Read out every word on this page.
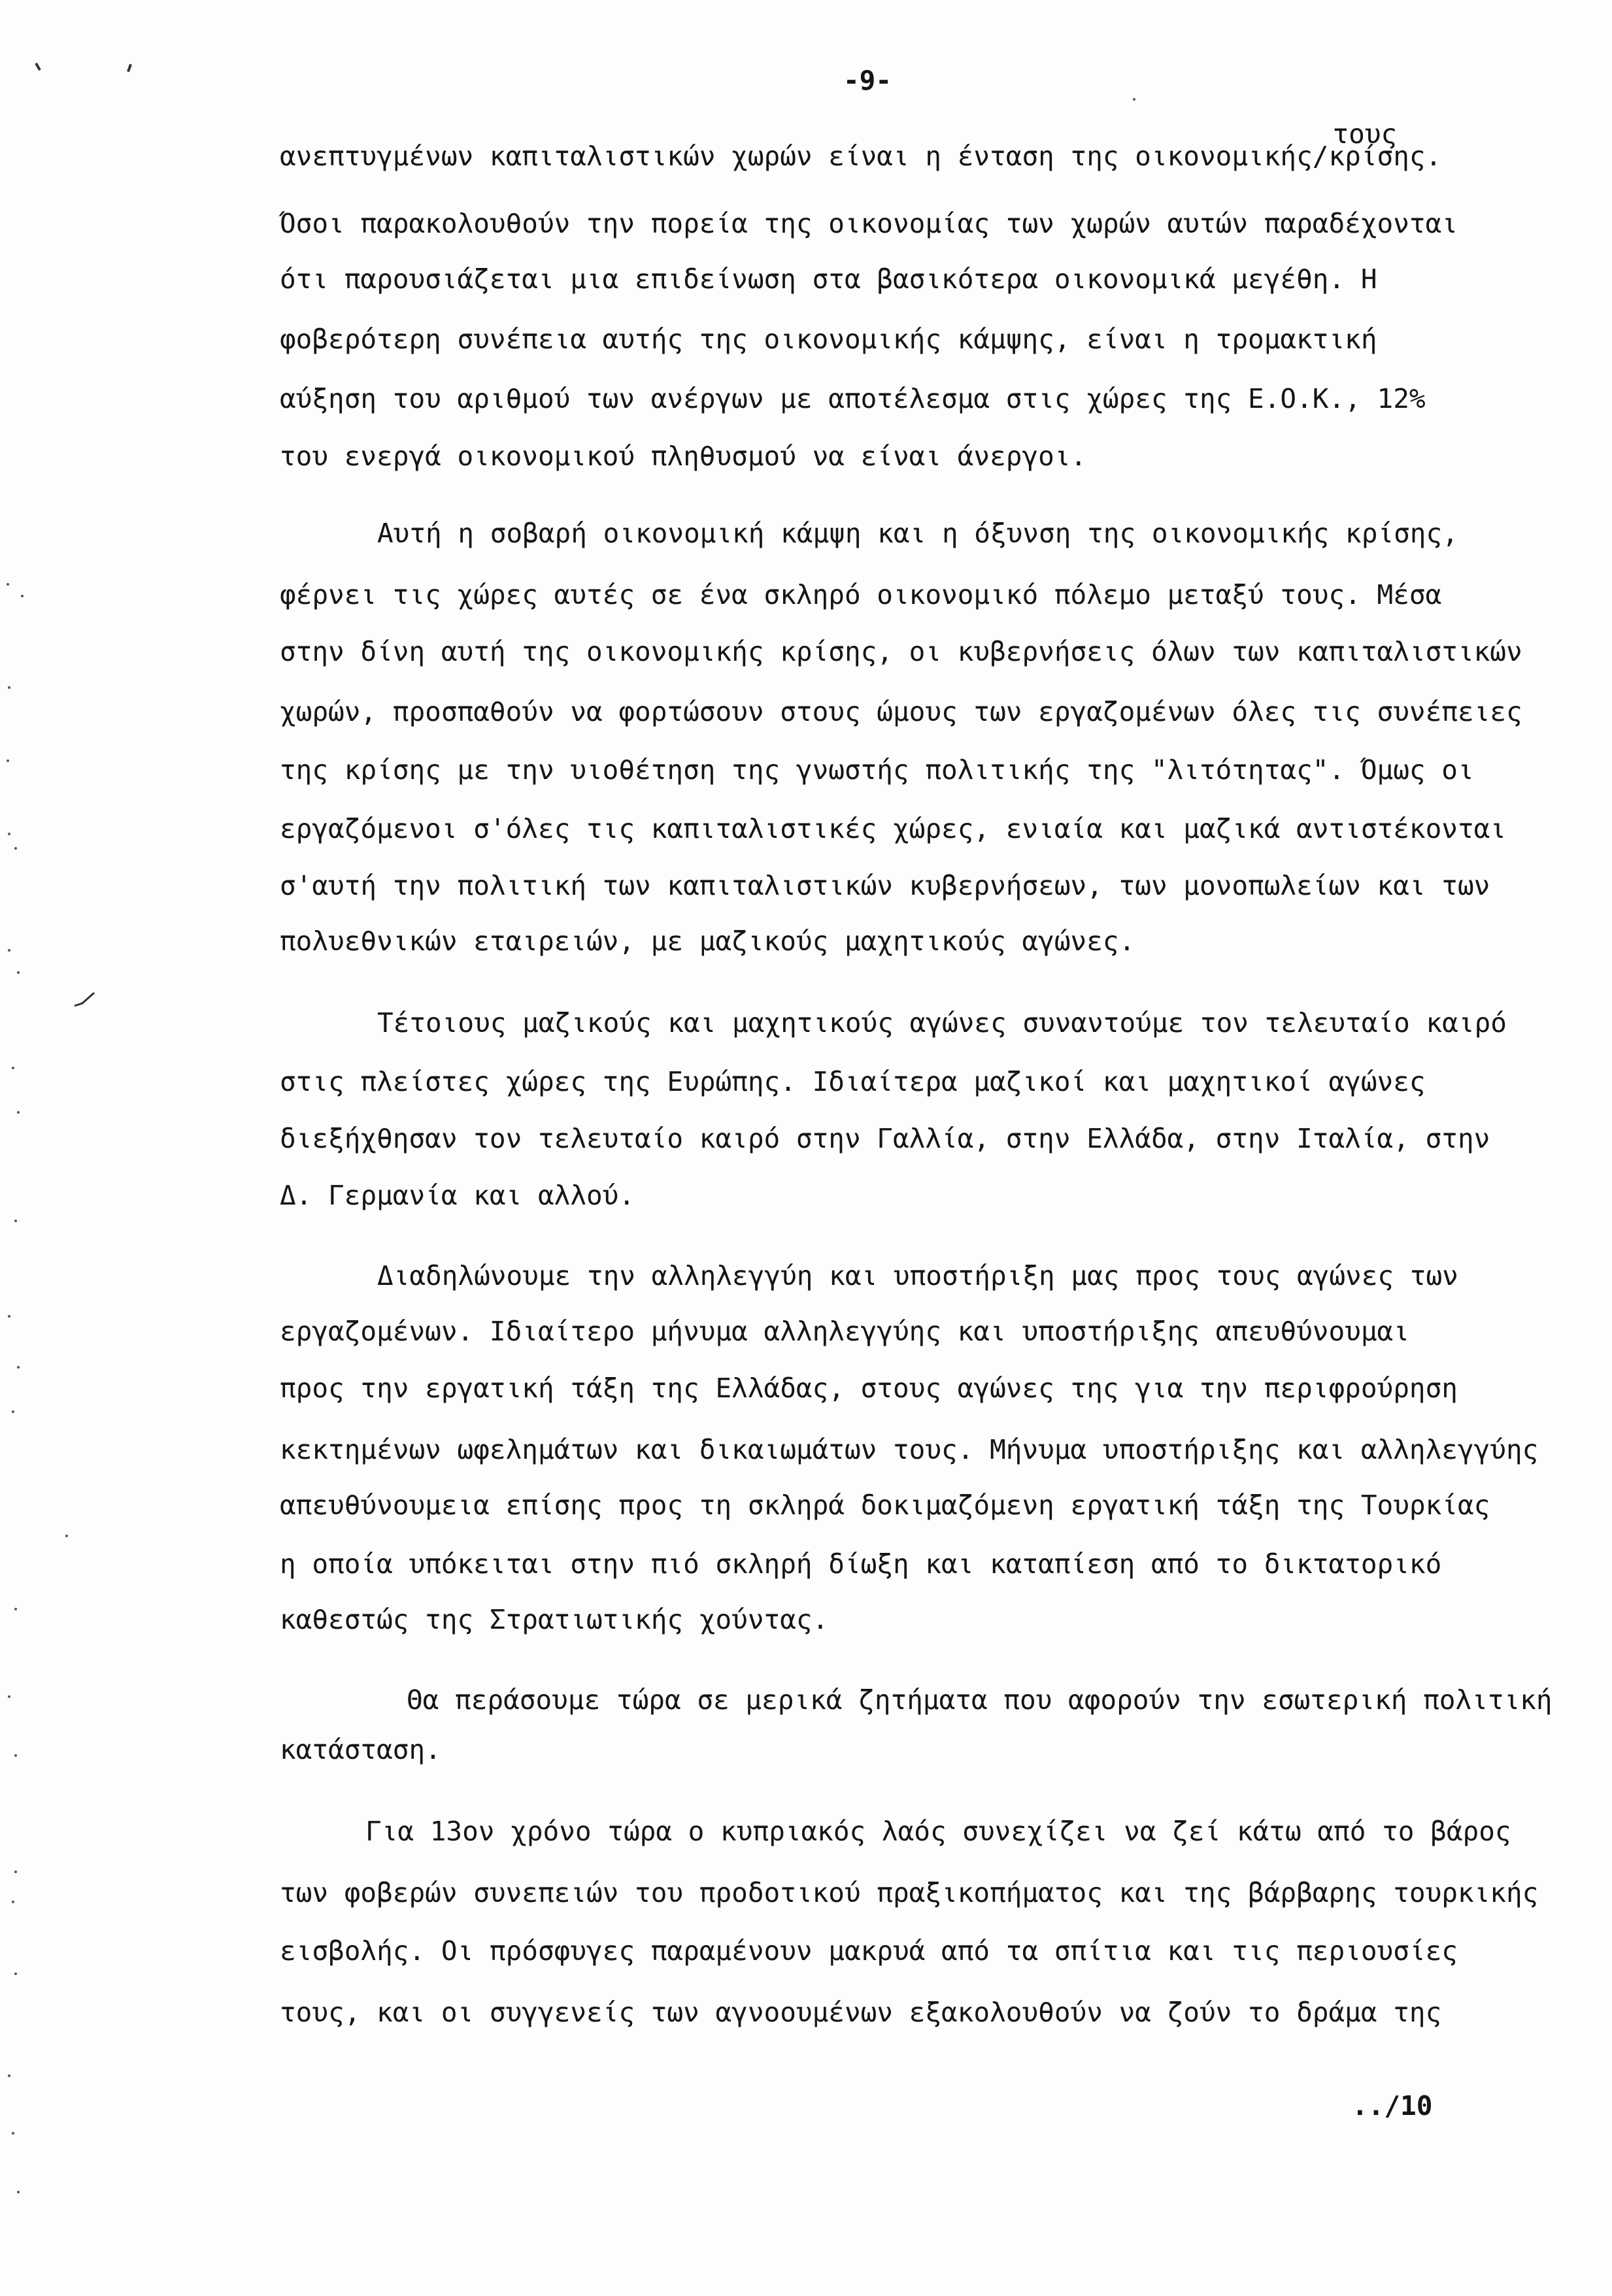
-9-
ανεπτυγμένων καπιταλιστικών χωρών είναι η ένταση της οικονομικής/
τους
κρίσης.
Όσοι παρακολουθούν την πορεία της οικονομίας των χωρών αυτών παραδέχονται
ότι παρουσιάζεται μια επιδείνωση στα βασικότερα οικονομικά μεγέθη. Η
φοβερότερη συνέπεια αυτής της οικονομικής κάμψης, είναι η τρομακτική
αύξηση του αριθμού των ανέργων με αποτέλεσμα στις χώρες της Ε.Ο.Κ., 12%
του ενεργά οικονομικού πληθυσμού να είναι άνεργοι.
Αυτή η σοβαρή οικονομική κάμψη και η όξυνση της οικονομικής κρίσης,
φέρνει τις χώρες αυτές σε ένα σκληρό οικονομικό πόλεμο μεταξύ τους. Μέσα
στην δίνη αυτή της οικονομικής κρίσης, οι κυβερνήσεις όλων των καπιταλιστικών
χωρών, προσπαθούν να φορτώσουν στους ώμους των εργαζομένων όλες τις συνέπειες
της κρίσης με την υιοθέτηση της γνωστής πολιτικής της "λιτότητας". Όμως οι
εργαζόμενοι σ'όλες τις καπιταλιστικές χώρες, ενιαία και μαζικά αντιστέκονται
σ'αυτή την πολιτική των καπιταλιστικών κυβερνήσεων, των μονοπωλείων και των
πολυεθνικών εταιρειών, με μαζικούς μαχητικούς αγώνες.
Τέτοιους μαζικούς και μαχητικούς αγώνες συναντούμε τον τελευταίο καιρό
στις πλείστες χώρες της Ευρώπης. Ιδιαίτερα μαζικοί και μαχητικοί αγώνες
διεξήχθησαν τον τελευταίο καιρό στην Γαλλία, στην Ελλάδα, στην Ιταλία, στην
Δ. Γερμανία και αλλού.
Διαδηλώνουμε την αλληλεγγύη και υποστήριξη μας προς τους αγώνες των
εργαζομένων. Ιδιαίτερο μήνυμα αλληλεγγύης και υποστήριξης απευθύνουμαι
προς την εργατική τάξη της Ελλάδας, στους αγώνες της για την περιφρούρηση
κεκτημένων ωφελημάτων και δικαιωμάτων τους. Μήνυμα υποστήριξης και αλληλεγγύης
απευθύνουμεια επίσης προς τη σκληρά δοκιμαζόμενη εργατική τάξη της Τουρκίας
η οποία υπόκειται στην πιό σκληρή δίωξη και καταπίεση από το δικτατορικό
καθεστώς της Στρατιωτικής χούντας.
Θα περάσουμε τώρα σε μερικά ζητήματα που αφορούν την εσωτερική πολιτική
κατάσταση.
Για 13ον χρόνο τώρα ο κυπριακός λαός συνεχίζει να ζεί κάτω από το βάρος
των φοβερών συνεπειών του προδοτικού πραξικοπήματος και της βάρβαρης τουρκικής
εισβολής. Οι πρόσφυγες παραμένουν μακρυά από τα σπίτια και τις περιουσίες
τους, και οι συγγενείς των αγνοουμένων εξακολουθούν να ζούν το δράμα της
../10
